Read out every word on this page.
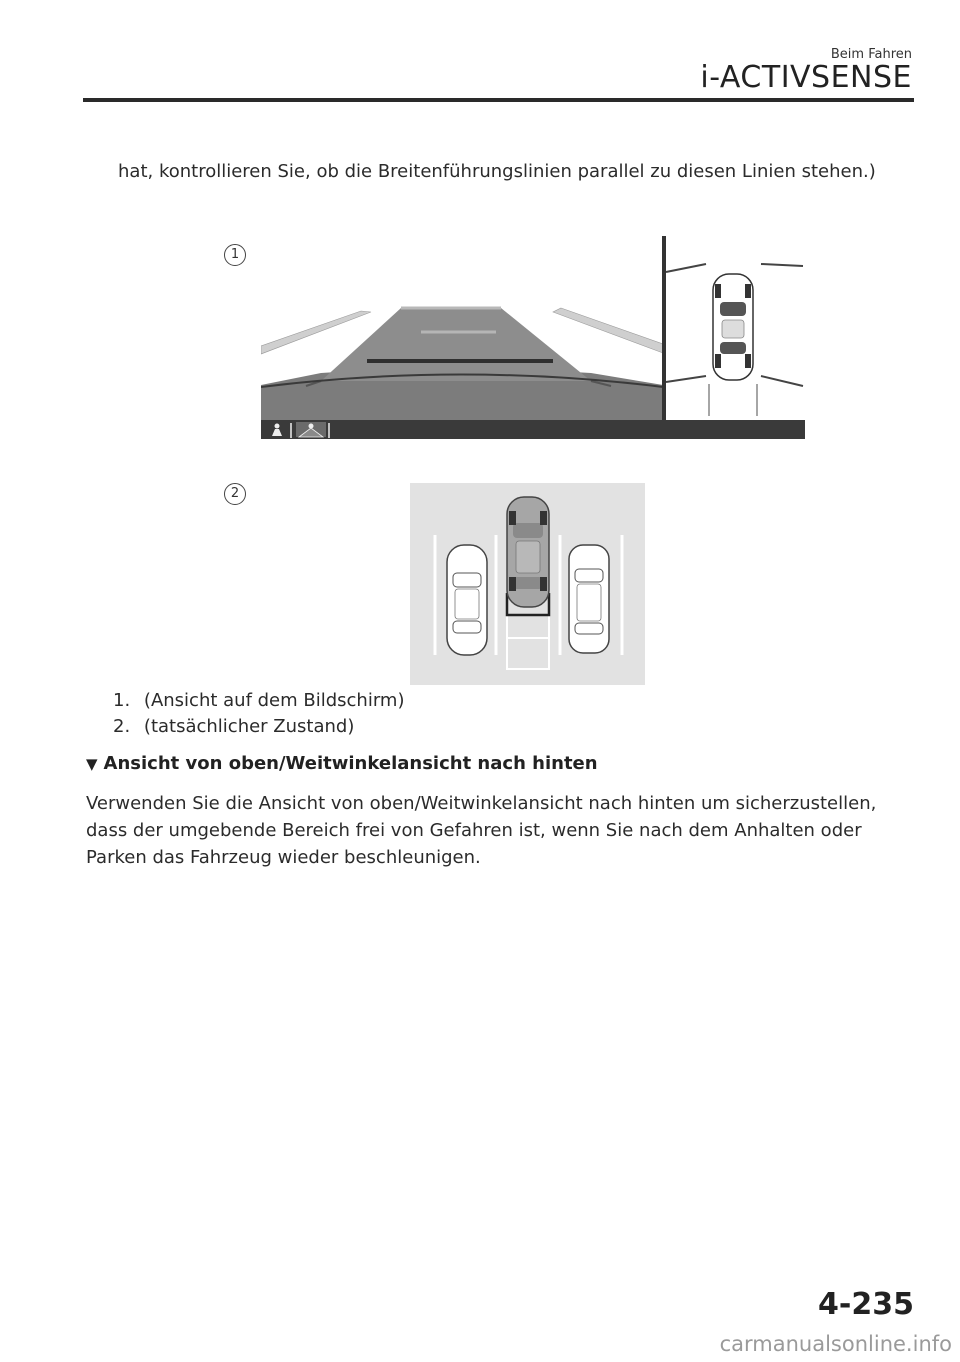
Beim Fahren
i-ACTIVSENSE

hat, kontrollieren Sie, ob die Breitenführungslinien parallel zu diesen Linien stehen.)

1
2
1. (Ansicht auf dem Bildschirm)
2. (tatsächlicher Zustand)
▼ Ansicht von oben/Weitwinkelansicht nach hinten

Verwenden Sie die Ansicht von oben/Weitwinkelansicht nach hinten um sicherzustellen, dass der umgebende Bereich frei von Gefahren ist, wenn Sie nach dem Anhalten oder Parken das Fahrzeug wieder beschleunigen.

4-235
carmanualsonline.info
